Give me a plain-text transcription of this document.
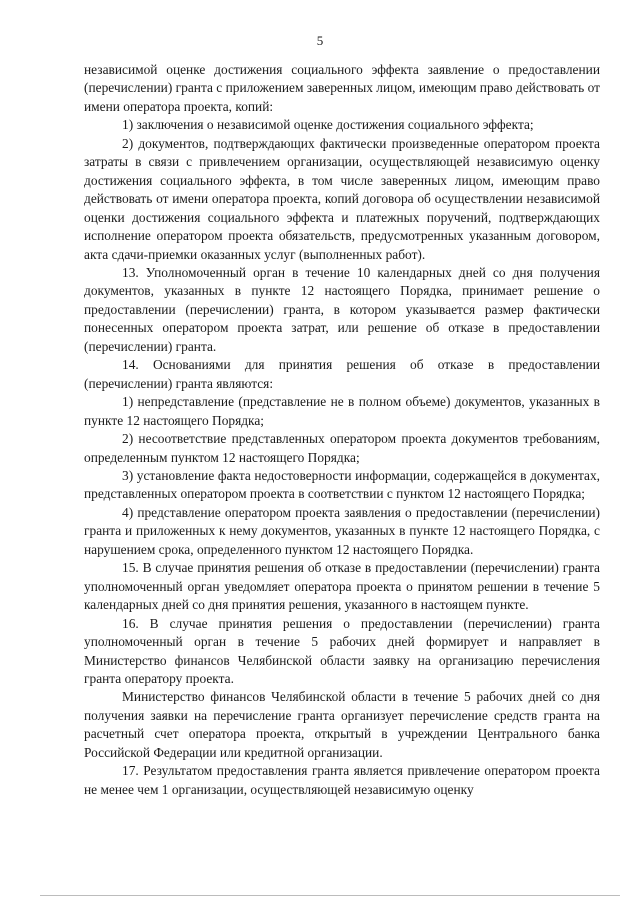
5

независимой оценке достижения социального эффекта заявление о предоставлении (перечислении) гранта с приложением заверенных лицом, имеющим право действовать от имени оператора проекта, копий:

1) заключения о независимой оценке достижения социального эффекта;

2) документов, подтверждающих фактически произведенные оператором проекта затраты в связи с привлечением организации, осуществляющей независимую оценку достижения социального эффекта, в том числе заверенных лицом, имеющим право действовать от имени оператора проекта, копий договора об осуществлении независимой оценки достижения социального эффекта и платежных поручений, подтверждающих исполнение оператором проекта обязательств, предусмотренных указанным договором, акта сдачи-приемки оказанных услуг (выполненных работ).

13. Уполномоченный орган в течение 10 календарных дней со дня получения документов, указанных в пункте 12 настоящего Порядка, принимает решение о предоставлении (перечислении) гранта, в котором указывается размер фактически понесенных оператором проекта затрат, или решение об отказе в предоставлении (перечислении) гранта.

14. Основаниями для принятия решения об отказе в предоставлении (перечислении) гранта являются:

1) непредставление (представление не в полном объеме) документов, указанных в пункте 12 настоящего Порядка;

2) несоответствие представленных оператором проекта документов требованиям, определенным пунктом 12 настоящего Порядка;

3) установление факта недостоверности информации, содержащейся в документах, представленных оператором проекта в соответствии с пунктом 12 настоящего Порядка;

4) представление оператором проекта заявления о предоставлении (перечислении) гранта и приложенных к нему документов, указанных в пункте 12 настоящего Порядка, с нарушением срока, определенного пунктом 12 настоящего Порядка.

15. В случае принятия решения об отказе в предоставлении (перечислении) гранта уполномоченный орган уведомляет оператора проекта о принятом решении в течение 5 календарных дней со дня принятия решения, указанного в настоящем пункте.

16. В случае принятия решения о предоставлении (перечислении) гранта уполномоченный орган в течение 5 рабочих дней формирует и направляет в Министерство финансов Челябинской области заявку на организацию перечисления гранта оператору проекта.

Министерство финансов Челябинской области в течение 5 рабочих дней со дня получения заявки на перечисление гранта организует перечисление средств гранта на расчетный счет оператора проекта, открытый в учреждении Центрального банка Российской Федерации или кредитной организации.

17. Результатом предоставления гранта является привлечение оператором проекта не менее чем 1 организации, осуществляющей независимую оценку
